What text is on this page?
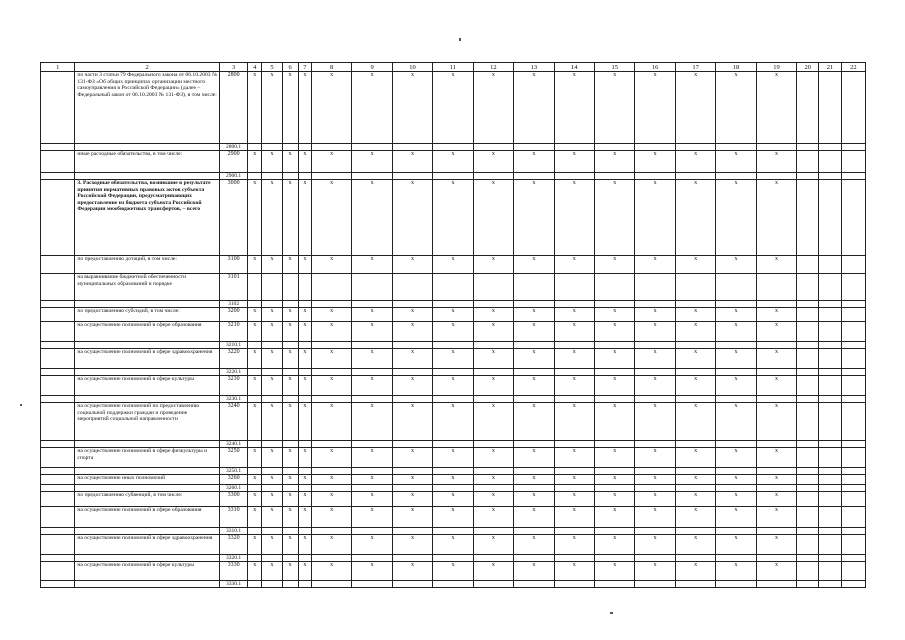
1	2	3	4	5	6	7	8	9	10	11	12	13	14	15	16	17	18	19	20	21	22
	по части 3 статьи 79 Федерального закона от 06.10.2003 № 131-ФЗ «Об общих принципах организации местного самоуправления в Российской Федерации» (далее – Федеральный закон от 06.10.2003 № 131-ФЗ), в том числе:	2800	x	x	x	x	x	x	x	x	x	x	x	x	x	x	x	x			
		2800.1																			
	иные расходные обязательства, в том числе:	2900	x	x	x	x	x	x	x	x	x	x	x	x	x	x	x	x			
		2900.1																			
	3. Расходные обязательства, возникшие в результате принятия нормативных правовых актов субъекта Российской Федерации, предусматривающих предоставление из бюджета субъекта Российской Федерации межбюджетных трансфертов, – всего	3000	x	x	x	x	x	x	x	x	x	x	x	x	x	x	x	x			
	по предоставлению дотаций, в том числе:	3100	x	x	x	x	x	x	x	x	x	x	x	x	x	x	x	x			
	на выравнивание бюджетной обеспеченности муниципальных образований в порядке	3101																			
		3102																			
	по предоставлению субсидий, в том числе:	3200	x	x	x	x	x	x	x	x	x	x	x	x	x	x	x	x			
	на осуществление полномочий в сфере образования	3210	x	x	x	x	x	x	x	x	x	x	x	x	x	x	x	x			
		3210.1																			
	на осуществление полномочий в сфере здравоохранения	3220	x	x	x	x	x	x	x	x	x	x	x	x	x	x	x	x			
		3220.1																			
	на осуществление полномочий в сфере культуры	3230	x	x	x	x	x	x	x	x	x	x	x	x	x	x	x	x			
		3230.1																			
	на осуществление полномочий по предоставлению социальной поддержки граждан и проведение мероприятий социальной направленности	3240	x	x	x	x	x	x	x	x	x	x	x	x	x	x	x	x			
		3240.1																			
	на осуществление полномочий в сфере физкультуры и спорта	3250	x	x	x	x	x	x	x	x	x	x	x	x	x	x	x	x			
		3250.1																			
	на осуществление иных полномочий	3260	x	x	x	x	x	x	x	x	x	x	x	x	x	x	x	x			
		3260.1																			
	по предоставлению субвенций, в том числе:	3300	x	x	x	x	x	x	x	x	x	x	x	x	x	x	x	x			
	на осуществление полномочий в сфере образования	3310	x	x	x	x	x	x	x	x	x	x	x	x	x	x	x	x			
		3310.1																			
	на осуществление полномочий в сфере здравоохранения	3320	x	x	x	x	x	x	x	x	x	x	x	x	x	x	x	x			
		3320.1																			
	на осуществление полномочий в сфере культуры	3330	x	x	x	x	x	x	x	x	x	x	x	x	x	x	x	x			
		3330.1																			
